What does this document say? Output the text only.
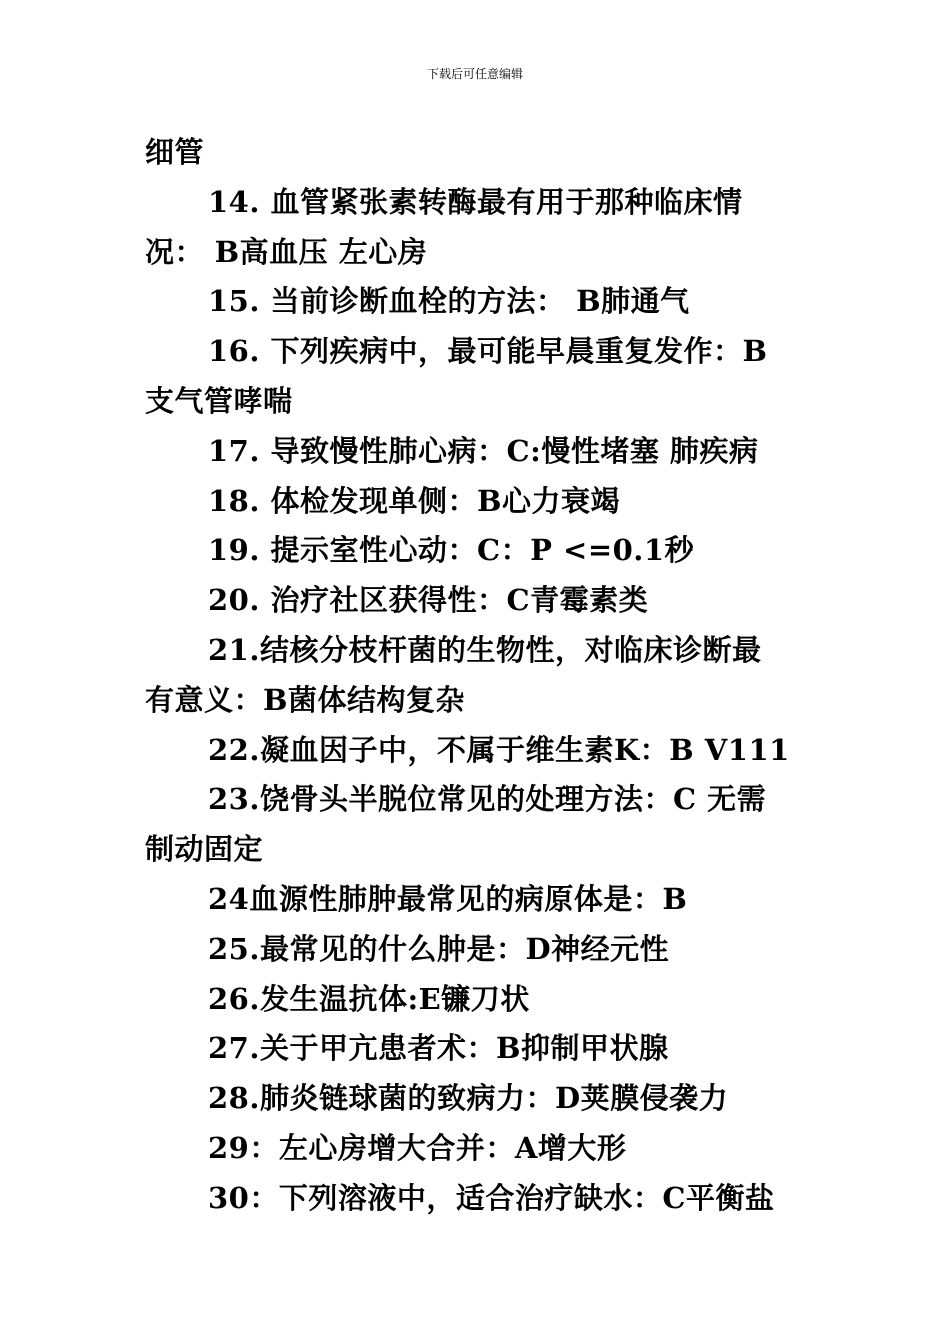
下载后可任意编辑
细管
14. 血管紧张素转酶最有用于那种临床情
况： B高血压 左心房
15. 当前诊断血栓的方法： B肺通气
16. 下列疾病中，最可能早晨重复发作：B
支气管哮喘
17. 导致慢性肺心病：C:慢性堵塞 肺疾病
18. 体检发现单侧：B心力衰竭
19. 提示室性心动：C：P <=0.1秒
20. 治疗社区获得性：C青霉素类
21.结核分枝杆菌的生物性，对临床诊断最
有意义：B菌体结构复杂
22.凝血因子中，不属于维生素K：B V111
23.饶骨头半脱位常见的处理方法：C 无需
制动固定
24血源性肺肿最常见的病原体是：B
25.最常见的什么肿是：D神经元性
26.发生温抗体:E镰刀状
27.关于甲亢患者术：B抑制甲状腺
28.肺炎链球菌的致病力：D荚膜侵袭力
29：左心房增大合并：A增大形
30：下列溶液中，适合治疗缺水：C平衡盐
